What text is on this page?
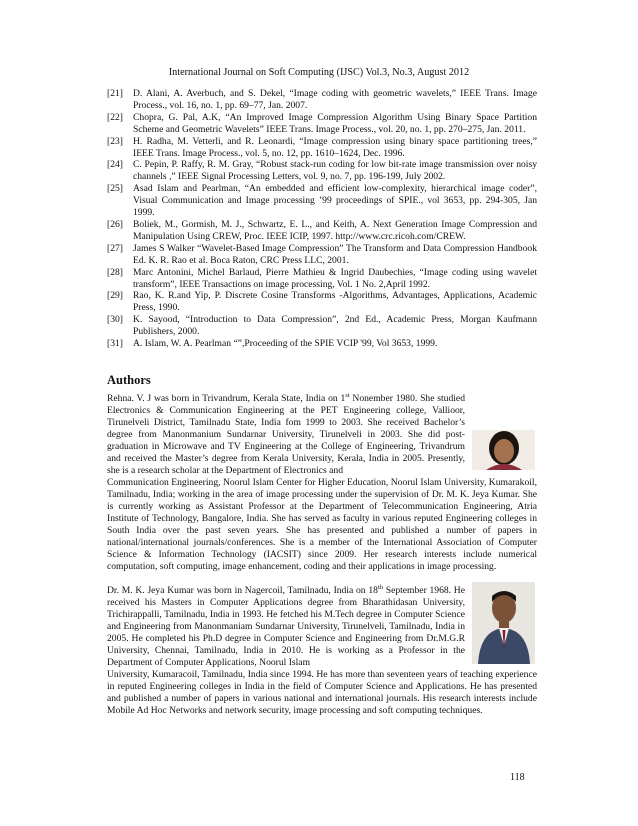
International Journal on Soft Computing (IJSC) Vol.3, No.3, August 2012
[21]	D. Alani, A. Averbuch, and S. Dekel, “Image coding with geometric wavelets,” IEEE Trans. Image Process., vol. 16, no. 1, pp. 69–77, Jan. 2007.
[22]	Chopra, G. Pal, A.K, “An Improved Image Compression Algorithm Using Binary Space Partition Scheme and Geometric Wavelets” IEEE Trans. Image Process., vol. 20, no. 1, pp. 270–275, Jan. 2011.
[23]	H. Radha, M. Vetterli, and R. Leonardi, “Image compression using binary space partitioning trees,” IEEE Trans. Image Process., vol. 5, no. 12, pp. 1610–1624, Dec. 1996.
[24]	C. Pepin, P. Raffy, R. M. Gray, “Robust stack-run coding for low bit-rate image transmission over noisy channels ,” IEEE Signal Processing Letters, vol. 9, no. 7, pp. 196-199, July 2002.
[25]	Asad Islam and Pearlman, “An embedded and efficient low-complexity, hierarchical image coder”, Visual Communication and Image processing ’99 proceedings of SPIE., vol 3653, pp. 294-305, Jan 1999.
[26]	Boliek, M., Gormish, M. J., Schwartz, E. L., and Keith, A. Next Generation Image Compression and Manipulation Using CREW, Proc. IEEE ICIP, 1997. http://www.crc.ricoh.com/CREW.
[27]	James S Walker “Wavelet-Based Image Compression” The Transform and Data Compression Handbook Ed. K. R. Rao et al. Boca Raton, CRC Press LLC, 2001.
[28]	Marc Antonini, Michel Barlaud, Pierre Mathieu & Ingrid Daubechies, “Image coding using wavelet transform”, IEEE Transactions on image processing, Vol. 1 No. 2,April 1992.
[29]	Rao, K. R.and Yip, P. Discrete Cosine Transforms -Algorithms, Advantages, Applications, Academic Press, 1990.
[30]	K. Sayood, “Introduction to Data Compression”, 2nd Ed., Academic Press, Morgan Kaufmann Publishers, 2000.
[31]	A. Islam, W. A. Pearlman “”,Proceeding of the SPIE VCIP '99, Vol 3653, 1999.
Authors
Rehna. V. J was born in Trivandrum, Kerala State, India on 1st Nonember 1980. She studied Electronics & Communication Engineering at the PET Engineering college, Vallioor, Tirunelveli District, Tamilnadu State, India fom 1999 to 2003. She received Bachelor’s degree from Manonmanium Sundarnar University, Tirunelveli in 2003. She did post-graduation in Microwave and TV Engineering at the College of Engineering, Trivandrum and received the Master’s degree from Kerala University, Kerala, India in 2005. Presently, she is a research scholar at the Department of Electronics and
Communication Engineering, Noorul Islam Center for Higher Education, Noorul Islam University, Kumarakoil, Tamilnadu, India; working in the area of image processing under the supervision of Dr. M. K. Jeya Kumar. She is currently working as Assistant Professor at the Department of Telecommunication Engineering, Atria Institute of Technology, Bangalore, India. She has served as faculty in various reputed Engineering colleges in South India over the past seven years. She has presented and published a number of papers in national/international journals/conferences. She is a member of the International Association of Computer Science & Information Technology (IACSIT) since 2009. Her research interests include numerical computation, soft computing, image enhancement, coding and their applications in image processing.
Dr. M. K. Jeya Kumar was born in Nagercoil, Tamilnadu, India on 18th September 1968. He received his Masters in Computer Applications degree from Bharathidasan University, Trichirappalli, Tamilnadu, India in 1993. He fetched his M.Tech degree in Computer Science and Engineering from Manonmaniam Sundarnar University, Tirunelveli, Tamilnadu, India in 2005. He completed his Ph.D degree in Computer Science and Engineering from Dr.M.G.R University, Chennai, Tamilnadu, India in 2010. He is working as a Professor in the Department of Computer Applications, Noorul Islam
University, Kumaracoil, Tamilnadu, India since 1994. He has more than seventeen years of teaching experience in reputed Engineering colleges in India in the field of Computer Science and Applications. He has presented and published a number of papers in various national and international journals. His research interests include Mobile Ad Hoc Networks and network security, image processing and soft computing techniques.
118
